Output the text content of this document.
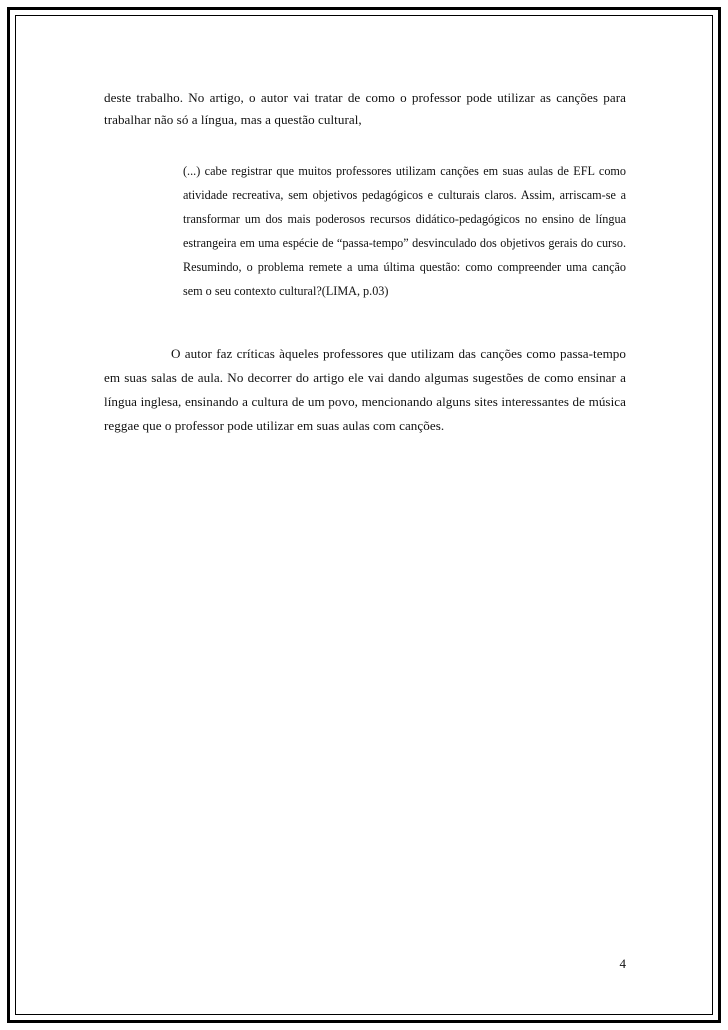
deste trabalho. No artigo, o autor vai tratar de como o professor pode utilizar as canções para trabalhar não só a língua, mas a questão cultural,

(...) cabe registrar que muitos professores utilizam canções em suas aulas de EFL como atividade recreativa, sem objetivos pedagógicos e culturais claros. Assim, arriscam-se a transformar um dos mais poderosos recursos didático-pedagógicos no ensino de língua estrangeira em uma espécie de “passa-tempo” desvinculado dos objetivos gerais do curso. Resumindo, o problema remete a uma última questão: como compreender uma canção sem o seu contexto cultural?(LIMA, p.03)

O autor faz críticas àqueles professores que utilizam das canções como passa-tempo em suas salas de aula. No decorrer do artigo ele vai dando algumas sugestões de como ensinar a língua inglesa, ensinando a cultura de um povo, mencionando alguns sites interessantes de música reggae que o professor pode utilizar em suas aulas com canções.

4
